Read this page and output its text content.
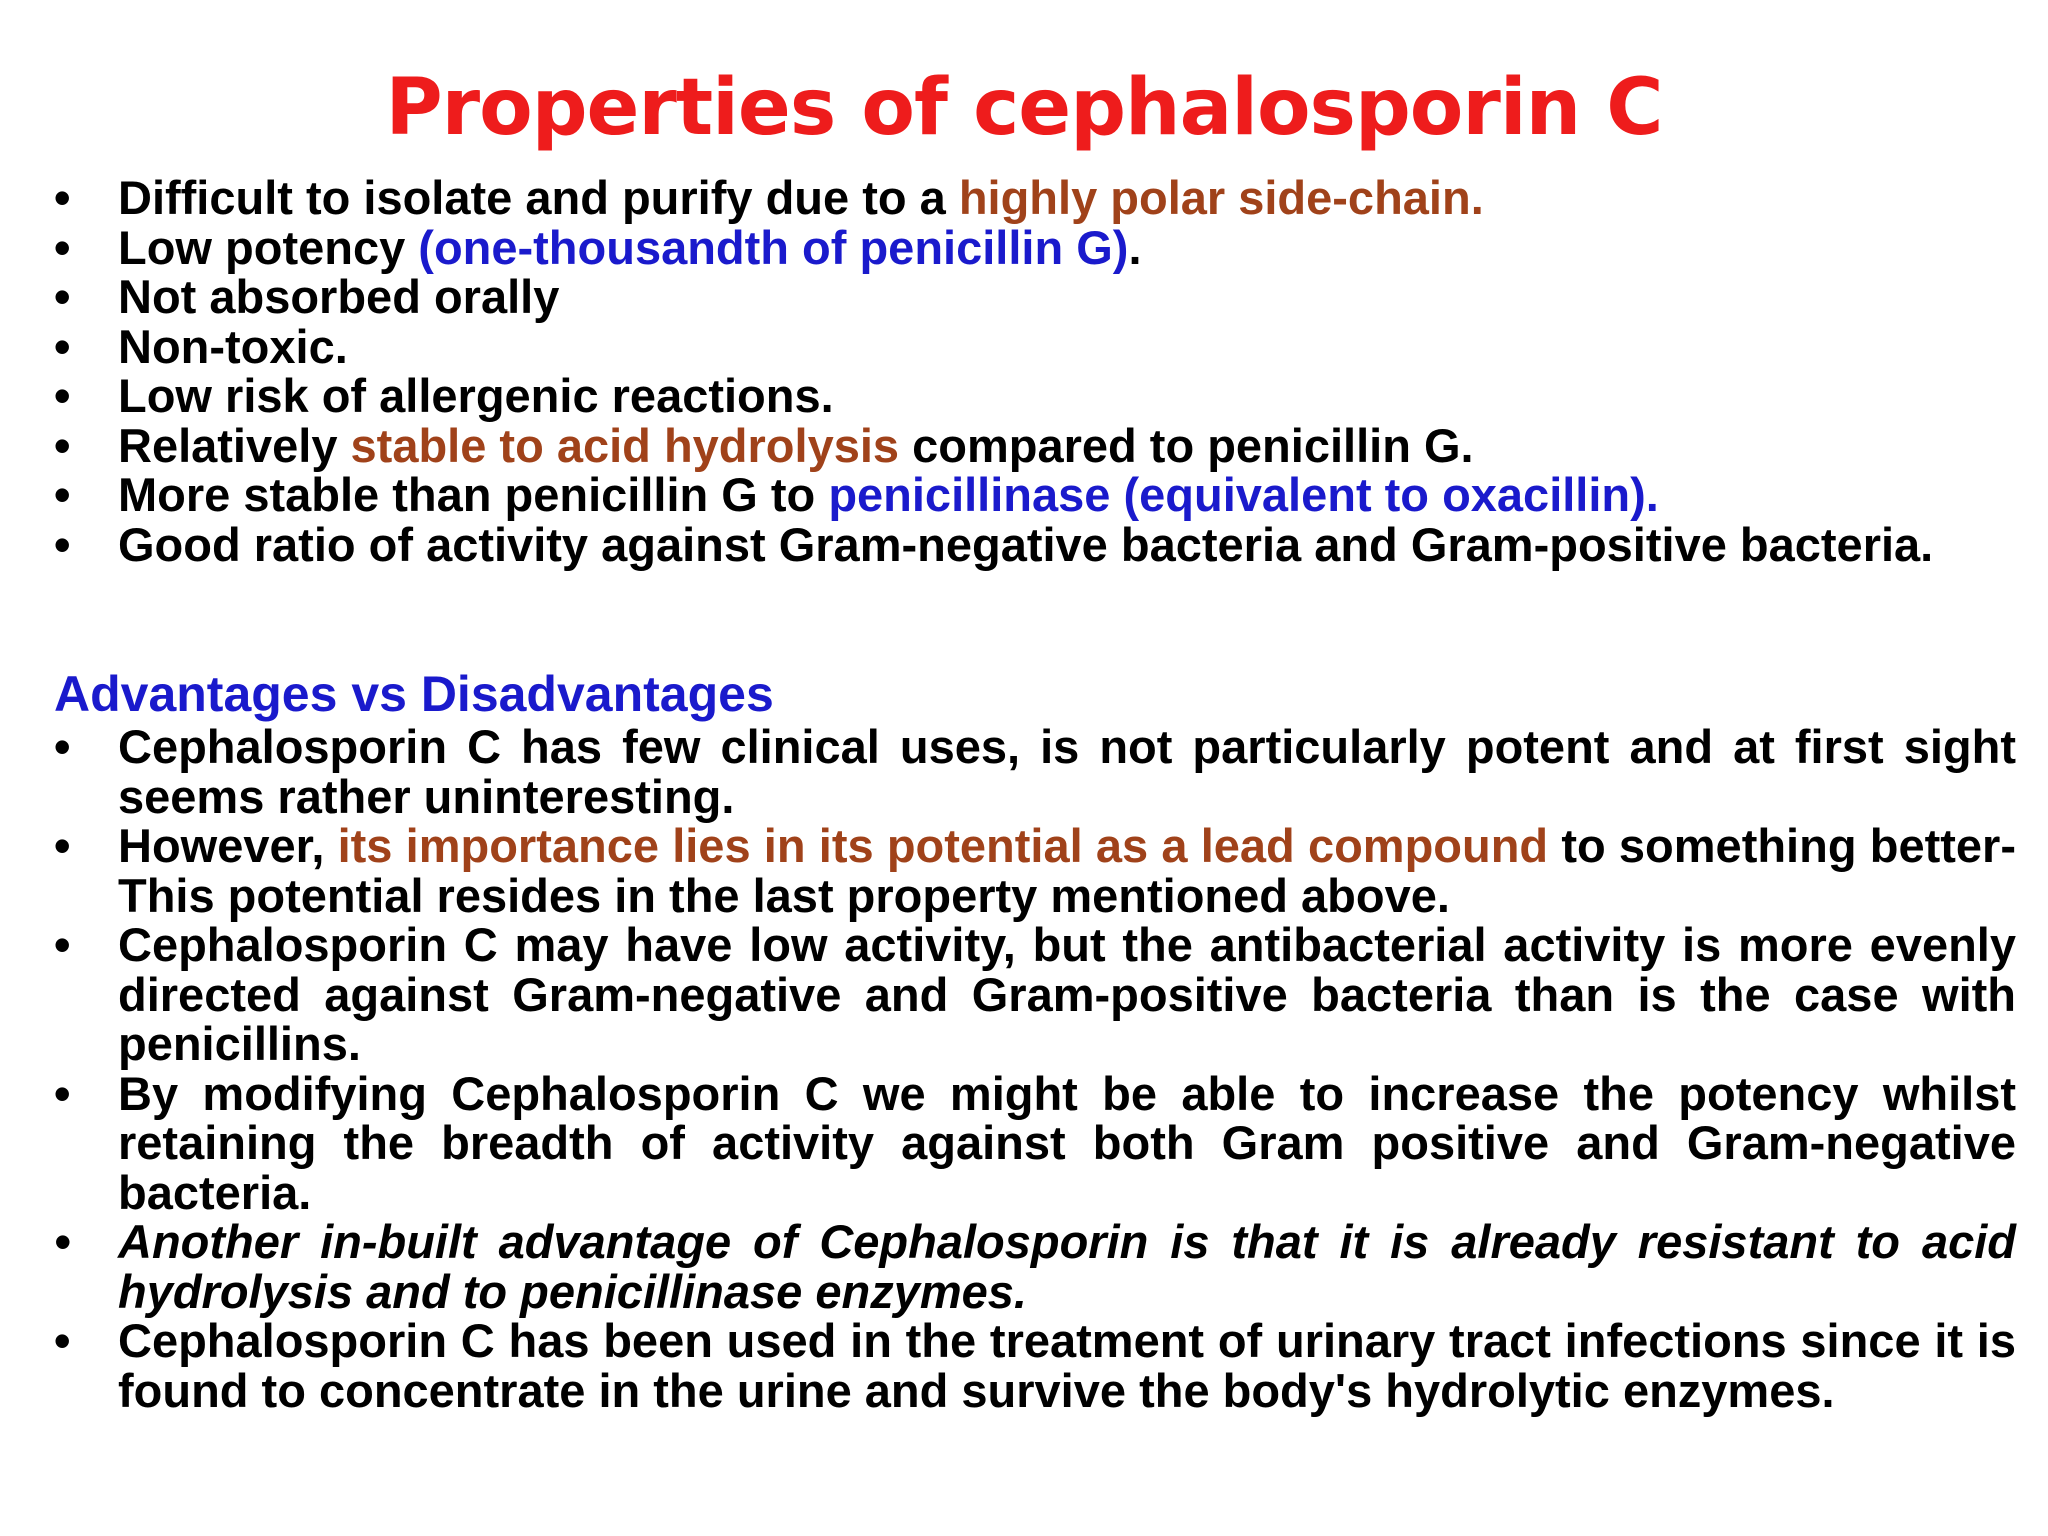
Properties of cephalosporin C
•	Difficult to isolate and purify due to a highly polar side-chain.
•	Low potency (one-thousandth of penicillin G).
•	Not absorbed orally
•	Non-toxic.
•	Low risk of allergenic reactions.
•	Relatively stable to acid hydrolysis compared to penicillin G.
•	More stable than penicillin G to penicillinase (equivalent to oxacillin).
•	Good ratio of activity against Gram-negative bacteria and Gram-positive bacteria.
Advantages vs Disadvantages
•	Cephalosporin C has few clinical uses, is not particularly potent and at first sight seems rather uninteresting.
•	However, its importance lies in its potential as a lead compound to something better-This potential resides in the last property mentioned above.
•	Cephalosporin C may have low activity, but the antibacterial activity is more evenly directed against Gram-negative and Gram-positive bacteria than is the case with penicillins.
•	By modifying Cephalosporin C we might be able to increase the potency whilst retaining the breadth of activity against both Gram positive and Gram-negative bacteria.
•	Another in-built advantage of Cephalosporin is that it is already resistant to acid hydrolysis and to penicillinase enzymes.
•	Cephalosporin C has been used in the treatment of urinary tract infections since it is found to concentrate in the urine and survive the body's hydrolytic enzymes.
